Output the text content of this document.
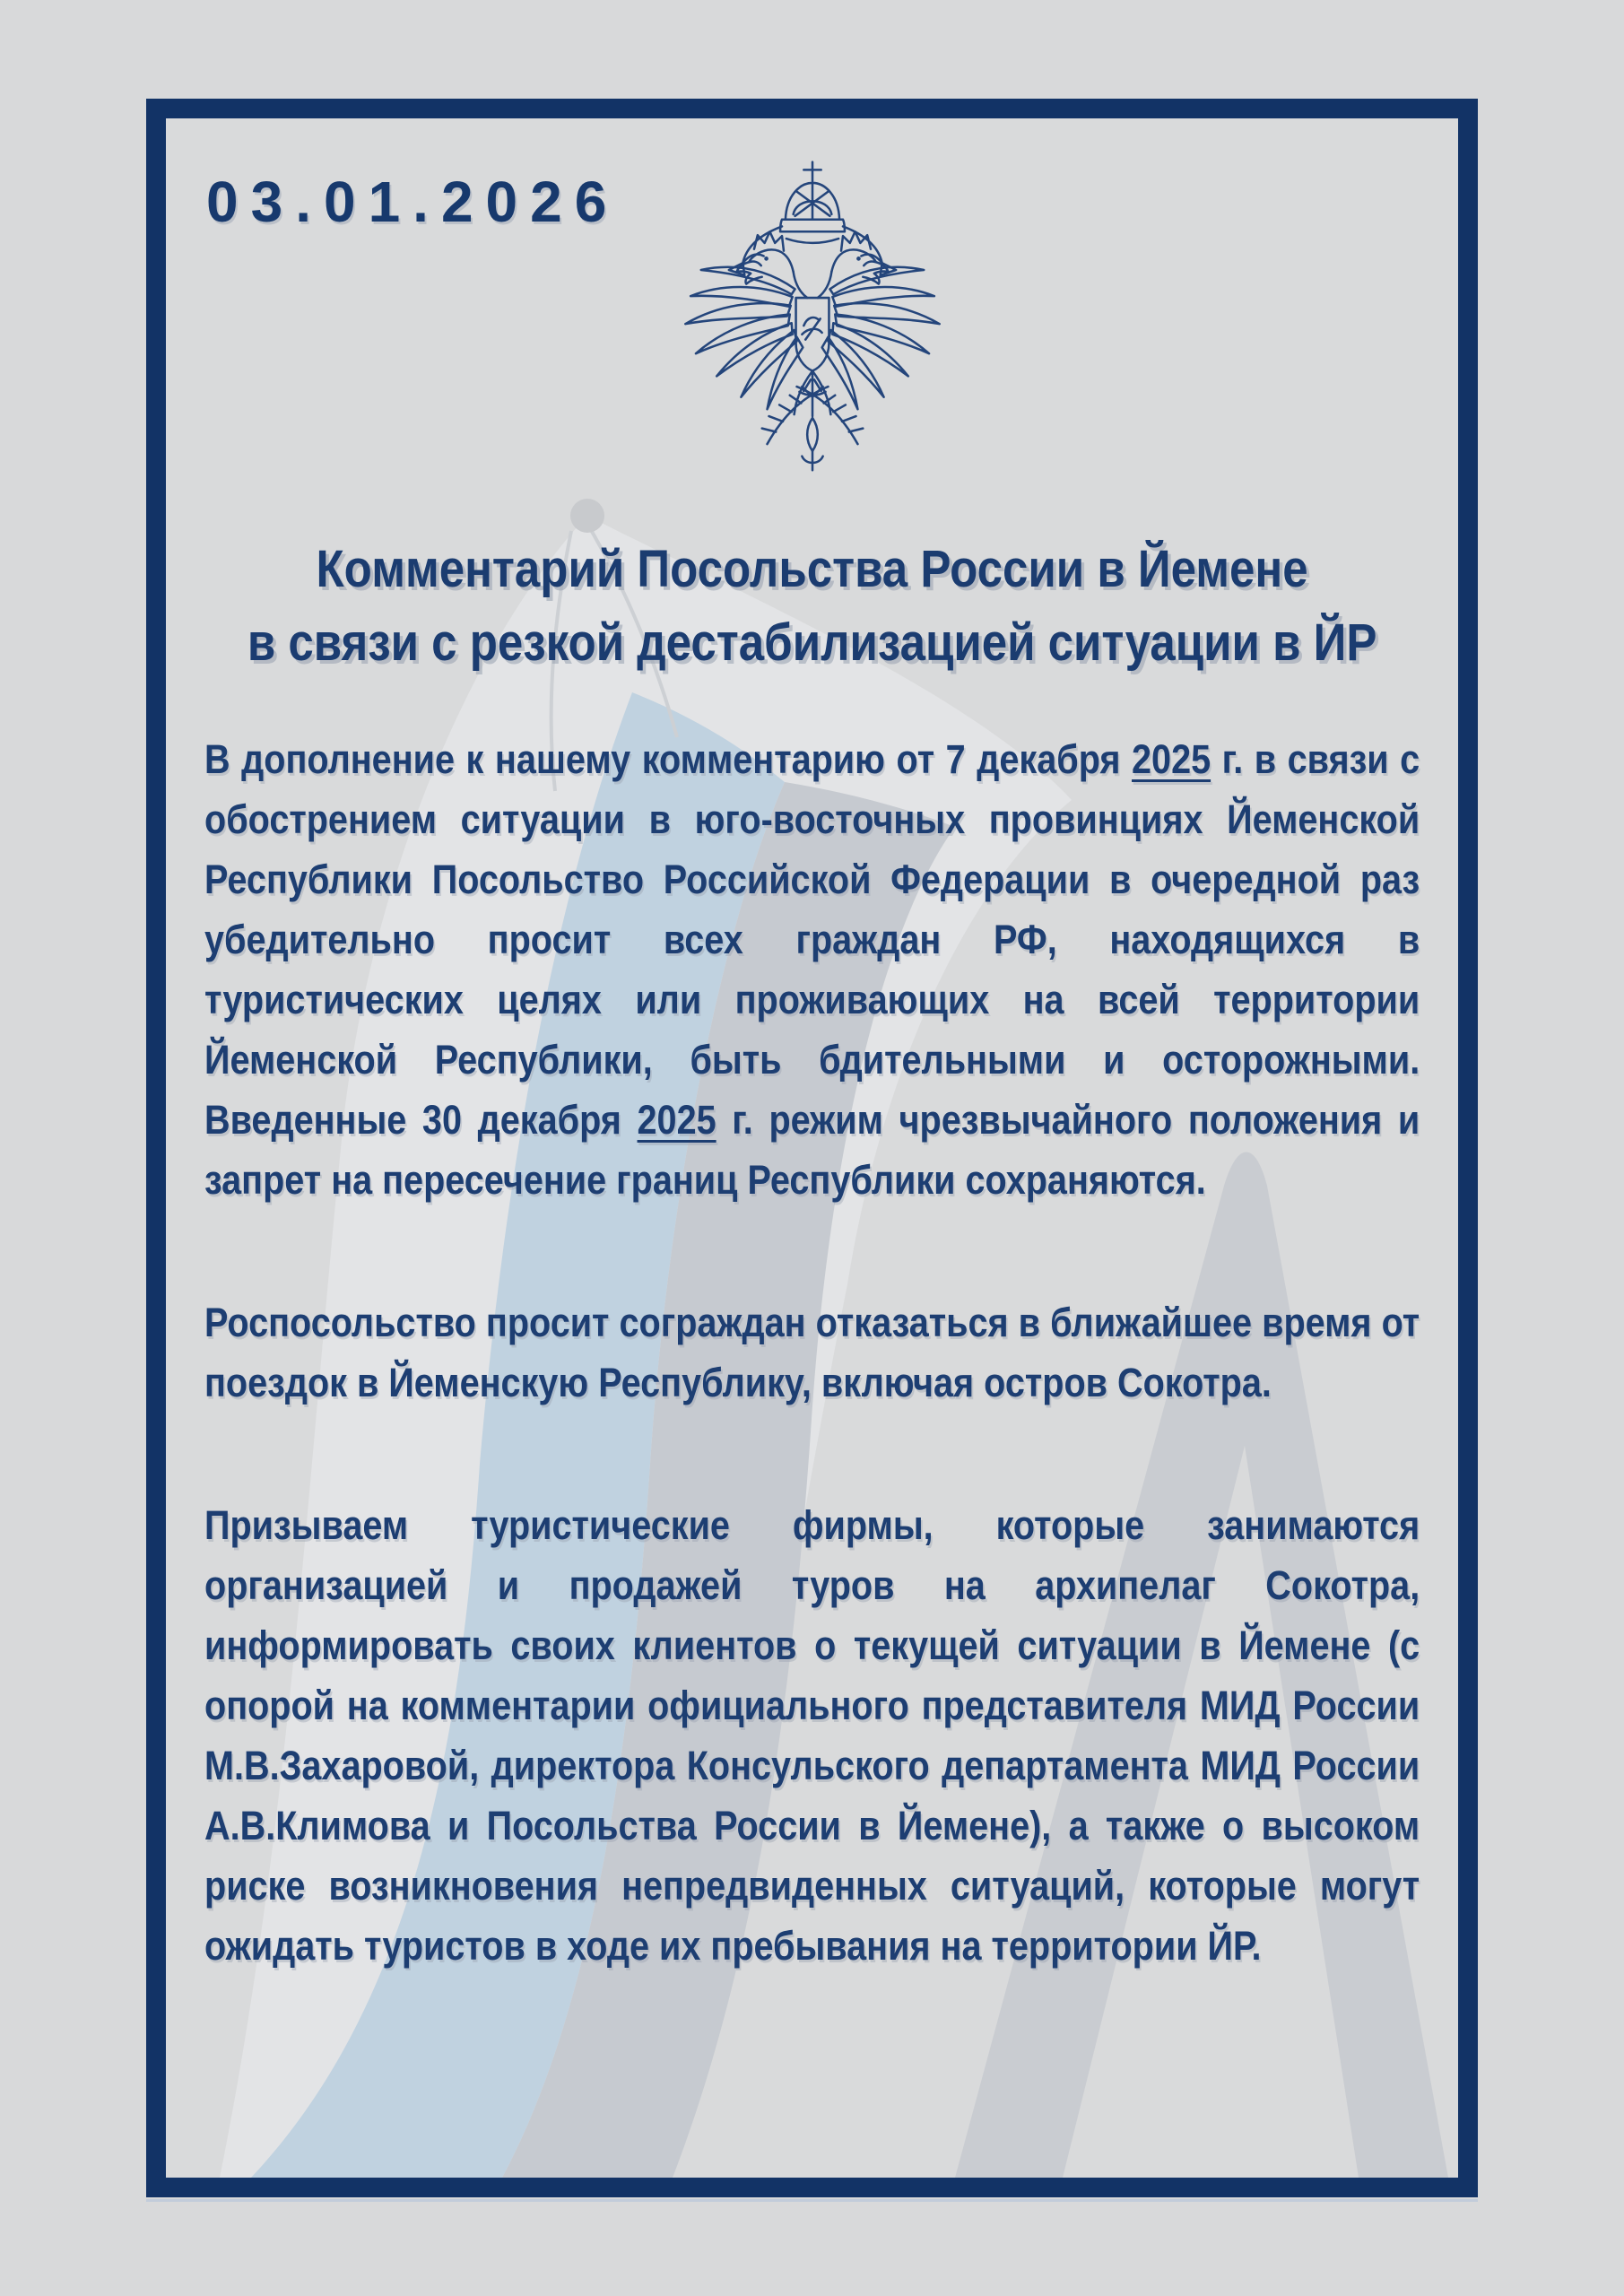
03.01.2026
Комментарий Посольства России в Йемене
в связи с резкой дестабилизацией ситуации в ЙР

В дополнение к нашему комментарию от 7 декабря 2025 г. в связи с обострением ситуации в юго-восточных провинциях Йеменской Республики Посольство Российской Федерации в очередной раз убедительно просит всех граждан РФ, находящихся в туристических целях или проживающих на всей территории Йеменской Республики, быть бдительными и осторожными. Введенные 30 декабря 2025 г. режим чрезвычайного положения и запрет на пересечение границ Республики сохраняются.

Роспосольство просит сограждан отказаться в ближайшее время от поездок в Йеменскую Республику, включая остров Сокотра.

Призываем туристические фирмы, которые занимаются организацией и продажей туров на архипелаг Сокотра, информировать своих клиентов о текущей ситуации в Йемене (с опорой на комментарии официального представителя МИД России М.В.Захаровой, директора Консульского департамента МИД России А.В.Климова и Посольства России в Йемене), а также о высоком риске возникновения непредвиденных ситуаций, которые могут ожидать туристов в ходе их пребывания на территории ЙР.
